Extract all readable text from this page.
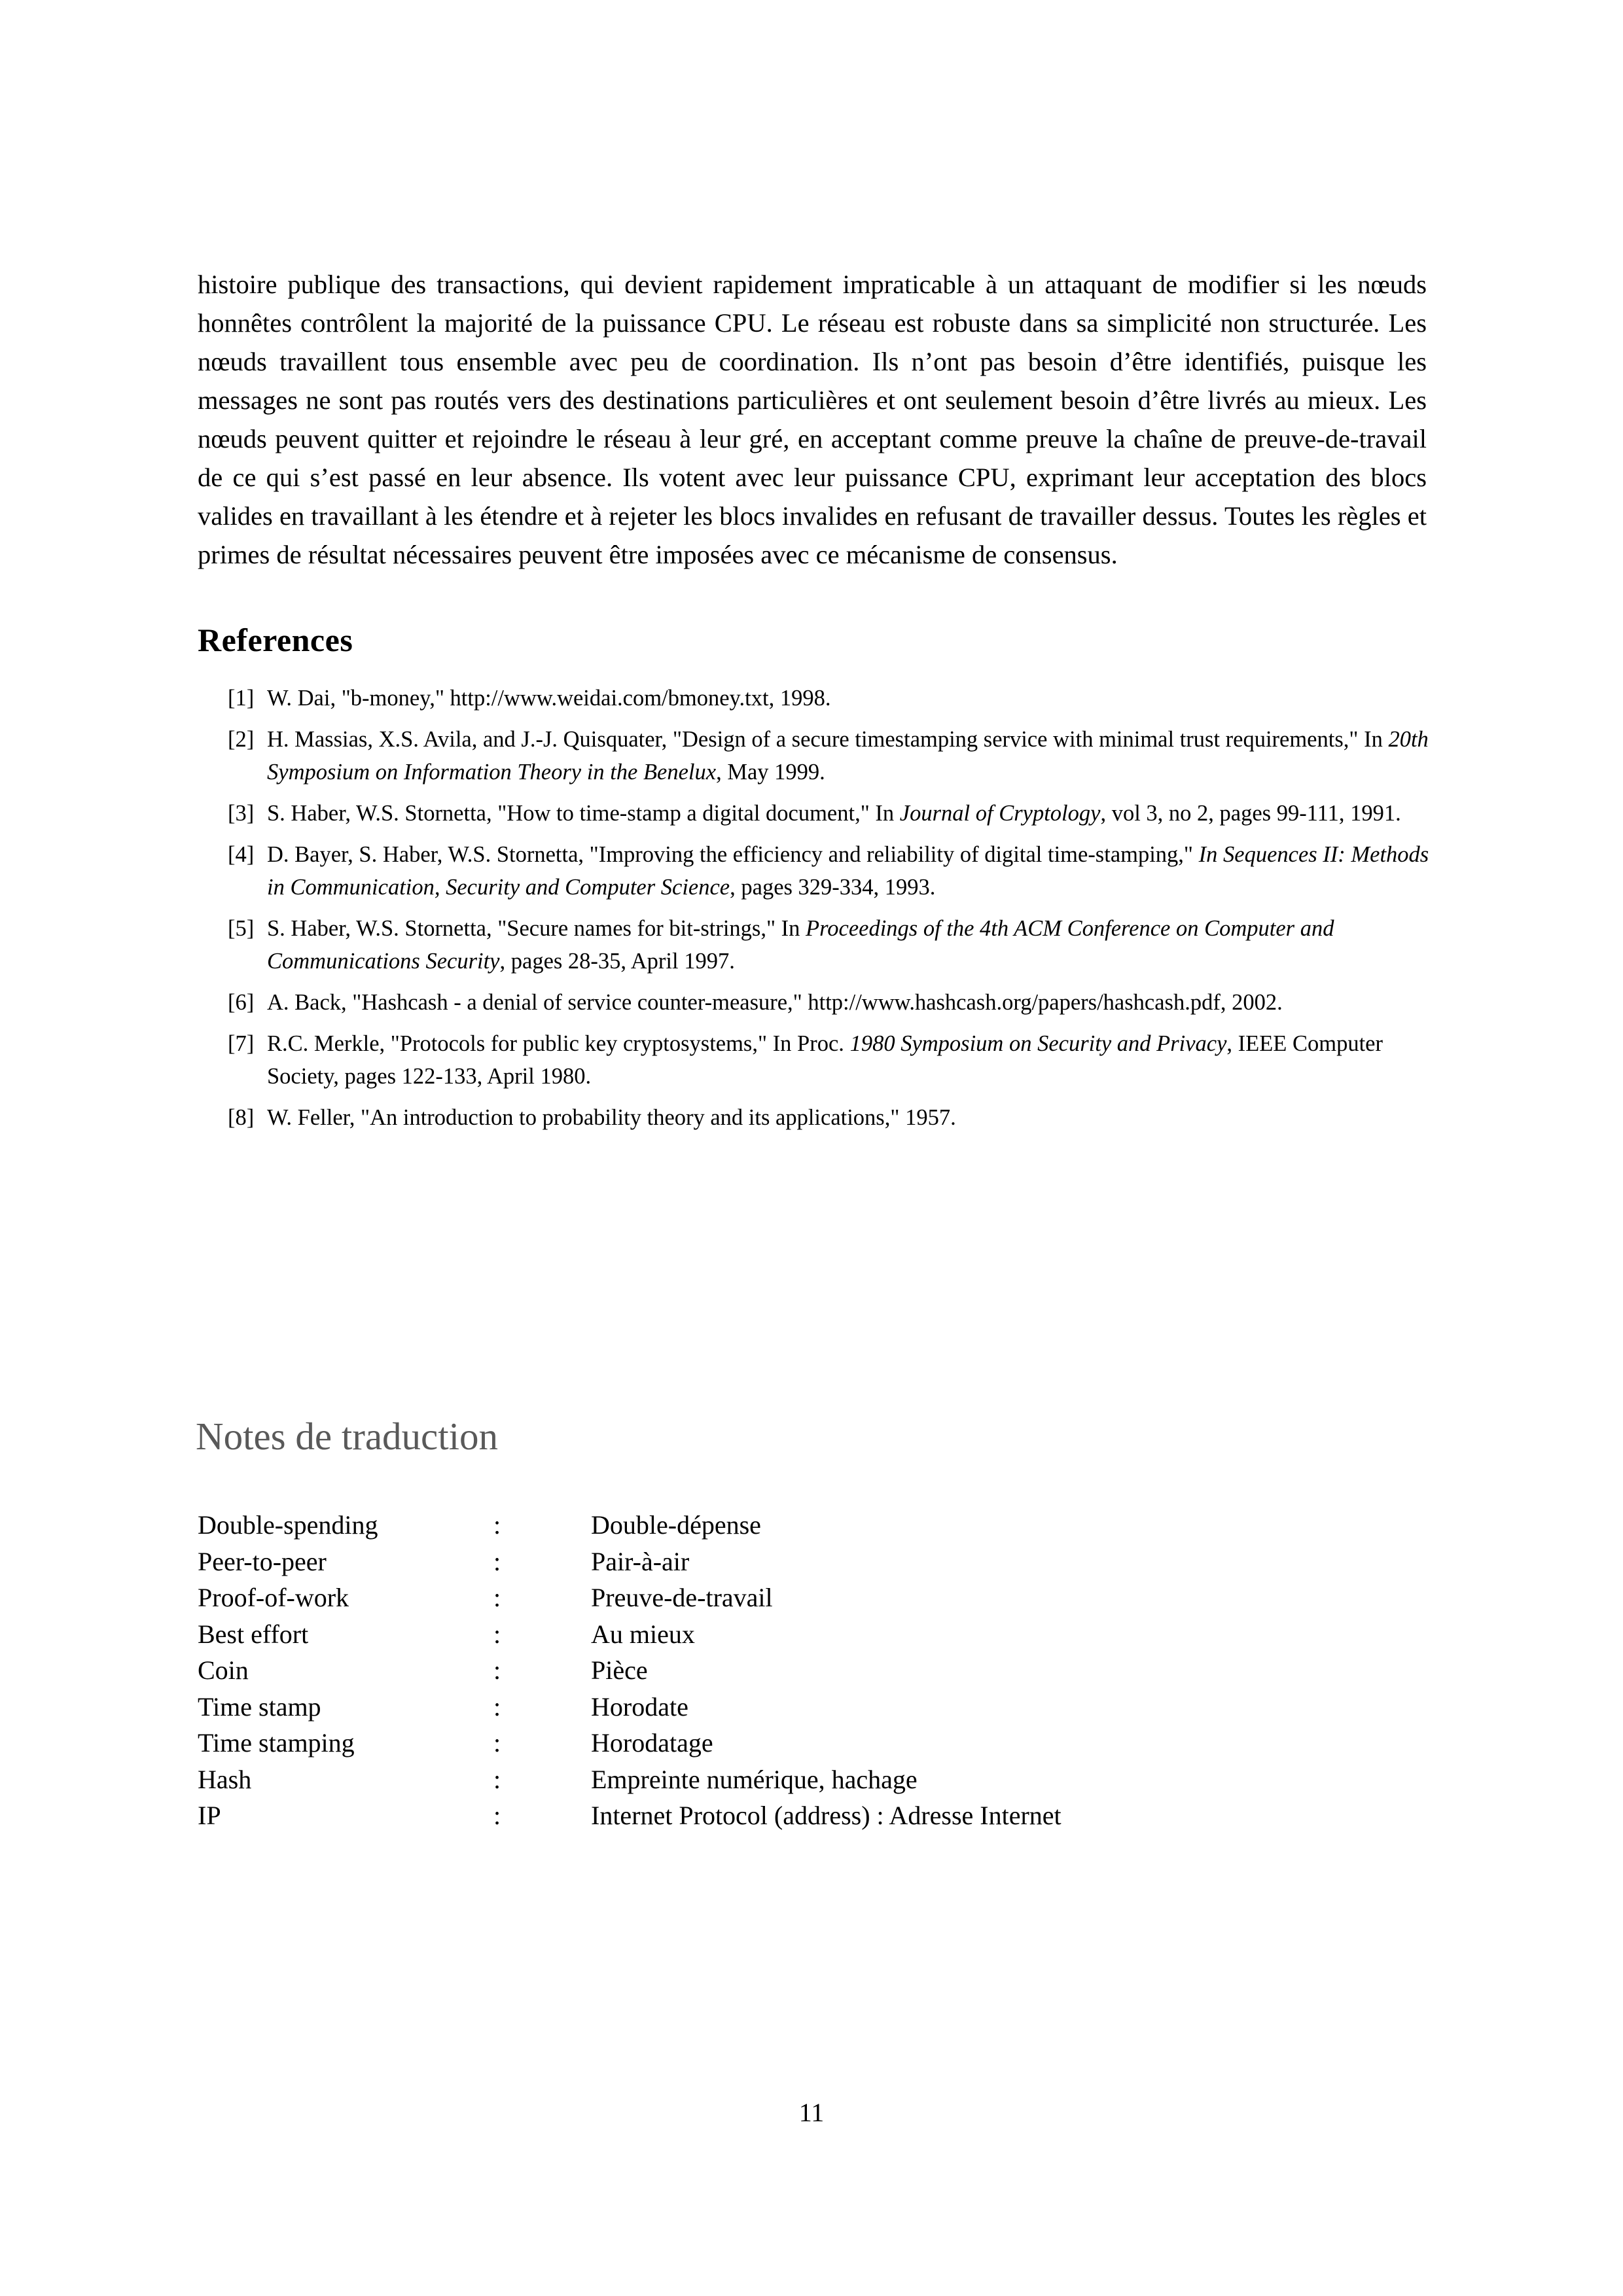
histoire publique des transactions, qui devient rapidement impraticable à un attaquant de modifier si les nœuds honnêtes contrôlent la majorité de la puissance CPU. Le réseau est robuste dans sa simplicité non structurée. Les nœuds travaillent tous ensemble avec peu de coordination. Ils n’ont pas besoin d’être identifiés, puisque les messages ne sont pas routés vers des destinations particulières et ont seulement besoin d’être livrés au mieux. Les nœuds peuvent quitter et rejoindre le réseau à leur gré, en acceptant comme preuve la chaîne de preuve-de-travail de ce qui s’est passé en leur absence. Ils votent avec leur puissance CPU, exprimant leur acceptation des blocs valides en travaillant à les étendre et à rejeter les blocs invalides en refusant de travailler dessus. Toutes les règles et primes de résultat nécessaires peuvent être imposées avec ce mécanisme de consensus.

References
[1] W. Dai, "b-money," http://www.weidai.com/bmoney.txt, 1998.
[2] H. Massias, X.S. Avila, and J.-J. Quisquater, "Design of a secure timestamping service with minimal trust requirements," In 20th Symposium on Information Theory in the Benelux, May 1999.
[3] S. Haber, W.S. Stornetta, "How to time-stamp a digital document," In Journal of Cryptology, vol 3, no 2, pages 99-111, 1991.
[4] D. Bayer, S. Haber, W.S. Stornetta, "Improving the efficiency and reliability of digital time-stamping," In Sequences II: Methods in Communication, Security and Computer Science, pages 329-334, 1993.
[5] S. Haber, W.S. Stornetta, "Secure names for bit-strings," In Proceedings of the 4th ACM Conference on Computer and Communications Security, pages 28-35, April 1997.
[6] A. Back, "Hashcash - a denial of service counter-measure," http://www.hashcash.org/papers/hashcash.pdf, 2002.
[7] R.C. Merkle, "Protocols for public key cryptosystems," In Proc. 1980 Symposium on Security and Privacy, IEEE Computer Society, pages 122-133, April 1980.
[8] W. Feller, "An introduction to probability theory and its applications," 1957.
Notes de traduction
Double-spending	:	Double-dépense
Peer-to-peer	:	Pair-à-air
Proof-of-work	:	Preuve-de-travail
Best effort	:	Au mieux
Coin	:	Pièce
Time stamp	:	Horodate
Time stamping	:	Horodatage
Hash	:	Empreinte numérique, hachage
IP	:	Internet Protocol (address) : Adresse Internet

11
